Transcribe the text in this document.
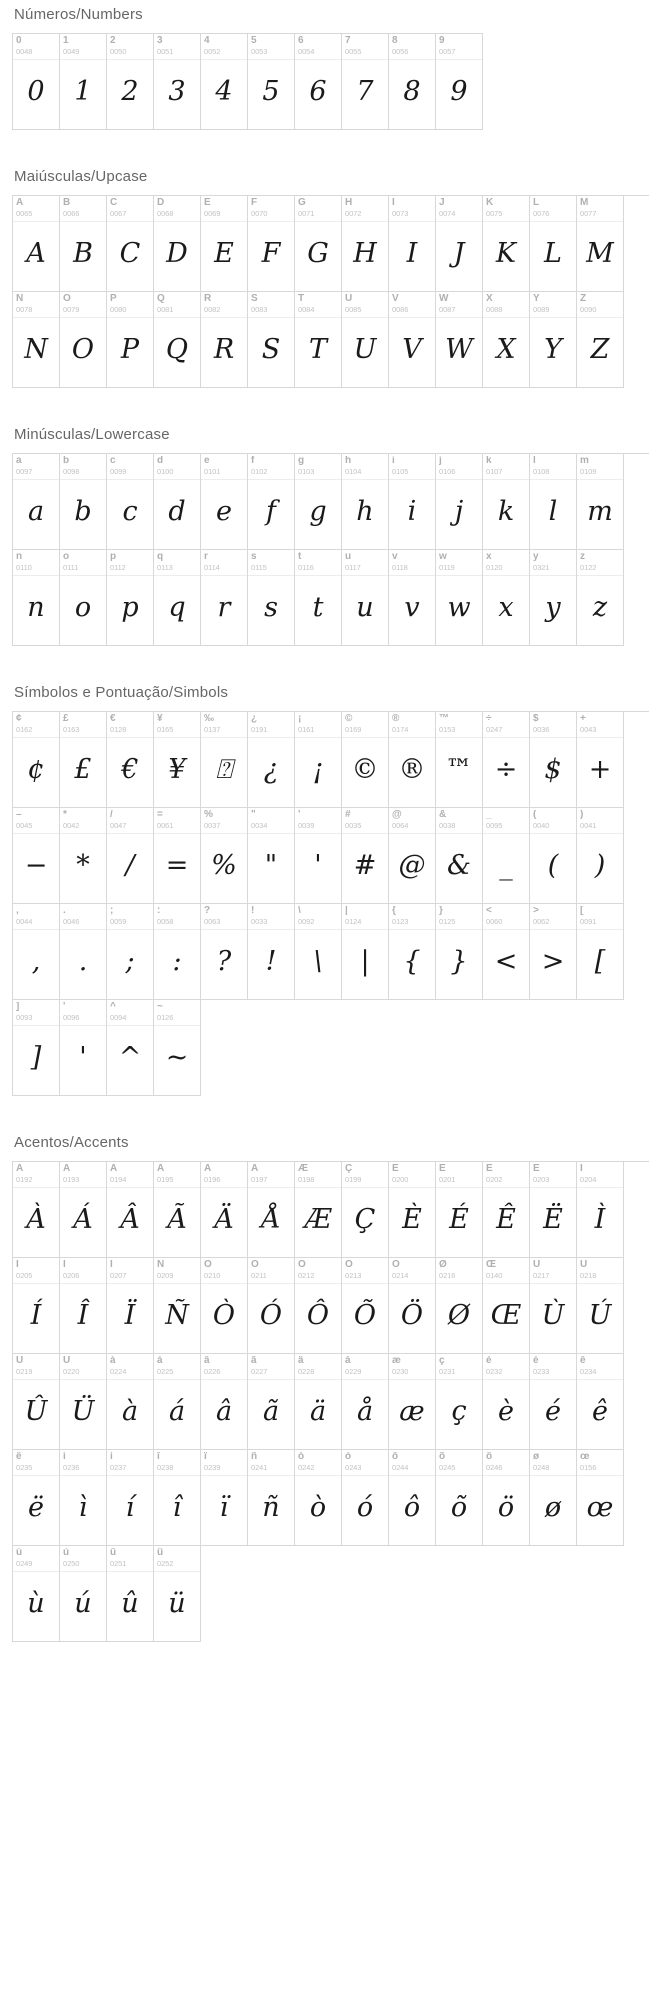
Números/Numbers
0
0048
0
1
0049
1
2
0050
2
3
0051
3
4
0052
4
5
0053
5
6
0054
6
7
0055
7
8
0056
8
9
0057
9
Maiúsculas/Upcase
A
0065
A
B
0066
B
C
0067
C
D
0068
D
E
0069
E
F
0070
F
G
0071
G
H
0072
H
I
0073
I
J
0074
J
K
0075
K
L
0076
L
M
0077
M
N
0078
N
O
0079
O
P
0080
P
Q
0081
Q
R
0082
R
S
0083
S
T
0084
T
U
0085
U
V
0086
V
W
0087
W
X
0088
X
Y
0089
Y
Z
0090
Z
Minúsculas/Lowercase
a
0097
a
b
0098
b
c
0099
c
d
0100
d
e
0101
e
f
0102
f
g
0103
g
h
0104
h
i
0105
i
j
0106
j
k
0107
k
l
0108
l
m
0109
m
n
0110
n
o
0111
o
p
0112
p
q
0113
q
r
0114
r
s
0115
s
t
0116
t
u
0117
u
v
0118
v
w
0119
w
x
0120
x
y
0321
y
z
0122
z
Símbolos e Pontuação/Simbols
¢
0162
¢
£
0163
£
€
0128
€
¥
0165
¥
‰
0137
⍰
¿
0191
¿
¡
0161
¡
©
0169
©
®
0174
®
™
0153
™
÷
0247
÷
$
0036
$
+
0043
+
–
0045
−
*
0042
*
/
0047
/
=
0061
=
%
0037
%
"
0034
"
'
0039
'
#
0035
#
@
0064
@
&
0038
&
_
0095
_
(
0040
(
)
0041
)
,
0044
,
.
0046
.
;
0059
;
:
0058
:
?
0063
?
!
0033
!
\
0092
\
|
0124
|
{
0123
{
}
0125
}
<
0060
<
>
0062
>
[
0091
[
]
0093
]
'
0096
'
^
0094
^
~
0126
~
Acentos/Accents
À
0192
À
Á
0193
Á
Â
0194
Â
Ã
0195
Ã
Ä
0196
Ä
Å
0197
Å
Æ
0198
Æ
Ç
0199
Ç
È
0200
È
É
0201
É
Ê
0202
Ê
Ë
0203
Ë
Ì
0204
Ì
Í
0205
Í
Î
0206
Î
Ï
0207
Ï
Ñ
0209
Ñ
Ò
0210
Ò
Ó
0211
Ó
Ô
0212
Ô
Õ
0213
Õ
Ö
0214
Ö
Ø
0216
Ø
Œ
0140
Œ
Ù
0217
Ù
Ú
0218
Ú
Û
0219
Û
Ü
0220
Ü
à
0224
à
á
0225
á
â
0226
â
ã
0227
ã
ä
0228
ä
å
0229
å
æ
0230
æ
ç
0231
ç
è
0232
è
é
0233
é
ê
0234
ê
ë
0235
ë
ì
0236
ì
í
0237
í
î
0238
î
ï
0239
ï
ñ
0241
ñ
ò
0242
ò
ó
0243
ó
ô
0244
ô
õ
0245
õ
ö
0246
ö
ø
0248
ø
œ
0156
œ
ù
0249
ù
ú
0250
ú
û
0251
û
ü
0252
ü
